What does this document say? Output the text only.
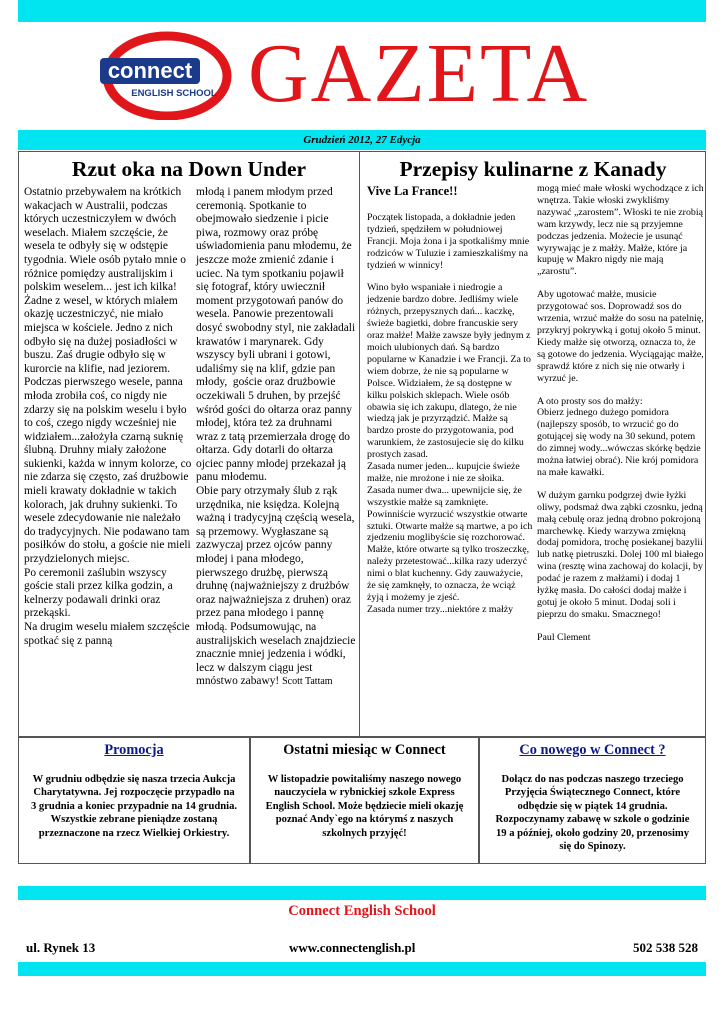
connect
ENGLISH SCHOOL GAZETA
Grudzień 2012, 27 Edycja
Rzut oka na Down Under	Przepisy kulinarne z Kanady

Ostatnio przebywałem na krótkich wakacjach w Australii, podczas których uczestniczyłem w dwóch weselach. Miałem szczęście, że wesela te odbyły się w odstępie tygodnia. Wiele osób pytało mnie o różnice pomiędzy australijskim i polskim weselem... jest ich kilka!

Żadne z wesel, w których miałem okazję uczestniczyć, nie miało miejsca w kościele. Jedno z nich odbyło się na dużej posiadłości w buszu. Zaś drugie odbyło się w kurorcie na klifie, nad jeziorem. Podczas pierwszego wesele, panna młoda zrobiła coś, co nigdy nie zdarzy się na polskim weselu i było to coś, czego nigdy wcześniej nie widziałem...założyła czarną suknię ślubną. Druhny miały założone sukienki, każda w innym kolorze, co nie zdarza się często, zaś drużbowie mieli krawaty dokładnie w takich kolorach, jak druhny sukienki. To wesele zdecydowanie nie należało do tradycyjnych. Nie podawano tam posiłków do stołu, a goście nie mieli przydzielonych miejsc.

Po ceremonii zaślubin wszyscy goście stali przez kilka godzin, a kelnerzy podawali drinki oraz przekąski.

Na drugim weselu miałem szczęście spotkać się z panną

młodą i panem młodym przed ceremonią. Spotkanie to obejmowało siedzenie i picie piwa, rozmowy oraz próbę uświadomienia panu młodemu, że jeszcze może zmienić zdanie i uciec. Na tym spotkaniu pojawił się fotograf, który uwiecznił moment przygotowań panów do wesela. Panowie prezentowali dosyć swobodny styl, nie zakładali krawatów i marynarek. Gdy wszyscy byli ubrani i gotowi, udaliśmy się na klif, gdzie pan młody,  goście oraz drużbowie oczekiwali 5 druhen, by przejść wśród gości do ołtarza oraz panny młodej, która też za druhnami wraz z tatą przemierzała drogę do ołtarza. Gdy dotarli do ołtarza ojciec panny młodej przekazał ją panu młodemu.

Obie pary otrzymały ślub z rąk urzędnika, nie księdza. Kolejną ważną i tradycyjną częścią wesela, są przemowy. Wygłaszane są zazwyczaj przez ojców panny młodej i pana młodego, pierwszego drużbę, pierwszą druhnę (najważniejszy z drużbów oraz najważniejsza z druhen) oraz przez pana młodego i pannę młodą. Podsumowując, na australijskich weselach znajdziecie znacznie mniej jedzenia i wódki, lecz w dalszym ciągu jest mnóstwo zabawy! Scott Tattam

Vive La France!!

Początek listopada, a dokładnie jeden tydzień, spędziłem w południowej Francji. Moja żona i ja spotkaliśmy mnie rodziców w Tuluzie i zamieszkaliśmy na tydzień w winnicy!

Wino było wspaniałe i niedrogie a jedzenie bardzo dobre. Jedliśmy wiele różnych, przepysznych dań... kaczkę, świeże bagietki, dobre francuskie sery oraz małże! Małże zawsze były jednym z moich ulubionych dań. Są bardzo popularne w Kanadzie i we Francji. Za to wiem dobrze, że nie są popularne w Polsce. Widziałem, że są dostępne w kilku polskich sklepach. Wiele osób obawia się ich zakupu, dlatego, że nie wiedzą jak je przyrządzić. Małże są bardzo proste do przygotowania, pod warunkiem, że zastosujecie się do kilku prostych zasad.

Zasada numer jeden... kupujcie świeże małże, nie mrożone i nie ze słoika.

Zasada numer dwa... upewnijcie się, że wszystkie małże są zamknięte. Powinniście wyrzucić wszystkie otwarte sztuki. Otwarte małże są martwe, a po ich zjedzeniu moglibyście się rozchorować. Małże, które otwarte są tylko troszeczkę, należy przetestować...kilka razy uderzyć nimi o blat kuchenny. Gdy zauważycie, że się zamknęły, to oznacza, że wciąż żyją i możemy je zjeść.

Zasada numer trzy...niektóre z małży

mogą mieć małe włoski wychodzące z ich wnętrza. Takie włoski zwykliśmy nazywać „zarostem”. Włoski te nie zrobią wam krzywdy, lecz nie są przyjemne podczas jedzenia. Możecie je usunąć wyrywając je z małży. Małże, które ja kupuję w Makro nigdy nie mają „zarostu”.

Aby ugotować małże, musicie przygotować sos. Doprowadź sos do wrzenia, wrzuć małże do sosu na patelnię, przykryj pokrywką i gotuj około 5 minut. Kiedy małże się otworzą, oznacza to, że są gotowe do jedzenia. Wyciągając małże, sprawdź które z nich się nie otwarły i wyrzuć je.

A oto prosty sos do małży:
Obierz jednego dużego pomidora (najlepszy sposób, to wrzucić go do gotującej się wody na 30 sekund, potem do zimnej wody...wówczas skórkę będzie można łatwiej obrać). Nie krój pomidora na małe kawałki.

W dużym garnku podgrzej dwie łyżki oliwy, podsmaż dwa ząbki czosnku, jedną małą cebulę oraz jedną drobno pokrojoną marchewkę. Kiedy warzywa zmiękną dodaj pomidora, trochę posiekanej bazylii lub natkę pietruszki. Dolej 100 ml białego wina (resztę wina zachowaj do kolacji, by podać je razem z małżami) i dodaj 1 łyżkę masła. Do całości dodaj małże i gotuj je około 5 minut. Dodaj soli i pieprzu do smaku. Smacznego!

Paul Clement

Promocja
W grudniu odbędzie się nasza trzecia Aukcja Charytatywna. Jej rozpoczęcie przypadło na 3 grudnia a koniec przypadnie na 14 grudnia. Wszystkie zebrane pieniądze zostaną przeznaczone na rzecz Wielkiej Orkiestry.
Ostatni miesiąc w Connect
W listopadzie powitaliśmy naszego nowego nauczyciela w rybnickiej szkole Express English School. Może będziecie mieli okazję poznać Andy`ego na którymś z naszych szkolnych przyjęć!
Co nowego w Connect ?
Dołącz do nas podczas naszego trzeciego Przyjęcia Świątecznego Connect, które odbędzie się w piątek 14 grudnia. Rozpoczynamy zabawę w szkole o godzinie 19 a później, około godziny 20, przenosimy się do Spinozy.
Connect English School
ul. Rynek 13	www.connectenglish.pl	502 538 528
